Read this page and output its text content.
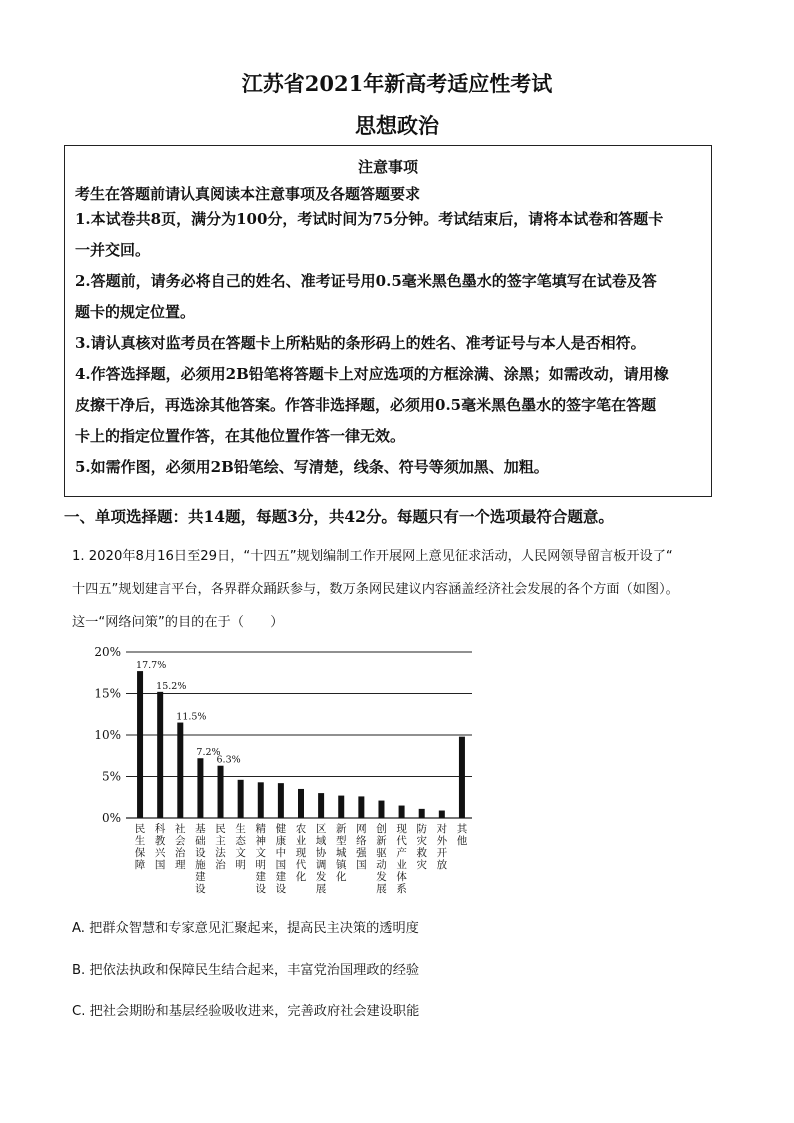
江苏省2021年新高考适应性考试
思想政治
注意事项
考生在答题前请认真阅读本注意事项及各题答题要求
1.本试卷共8页，满分为100分，考试时间为75分钟。考试结束后，请将本试卷和答题卡
一并交回。
2.答题前，请务必将自己的姓名、准考证号用0.5毫米黑色墨水的签字笔填写在试卷及答
题卡的规定位置。
3.请认真核对监考员在答题卡上所粘贴的条形码上的姓名、准考证号与本人是否相符。
4.作答选择题，必须用2B铅笔将答题卡上对应选项的方框涂满、涂黑；如需改动，请用橡
皮擦干净后，再选涂其他答案。作答非选择题，必须用0.5毫米黑色墨水的签字笔在答题
卡上的指定位置作答，在其他位置作答一律无效。
5.如需作图，必须用2B铅笔绘、写清楚，线条、符号等须加黑、加粗。
一、单项选择题：共14题，每题3分，共42分。每题只有一个选项最符合题意。
1. 2020年8月16日至29日，“十四五”规划编制工作开展网上意见征求活动，人民网领导留言板开设了“
十四五”规划建言平台，各界群众踊跃参与，数万条网民建议内容涵盖经济社会发展的各个方面（如图）。
这一“网络问策”的目的在于（　　）
0%
5%
10%
15%
20%
17.7%
民生保障
15.2%
科教兴国
11.5%
社会治理
7.2%
基础设施建设
6.3%
民主法治
生态文明
精神文明建设
健康中国建设
农业现代化
区域协调发展
新型城镇化
网络强国
创新驱动发展
现代产业体系
防灾救灾
对外开放
其他
A. 把群众智慧和专家意见汇聚起来，提高民主决策的透明度
B. 把依法执政和保障民生结合起来，丰富党治国理政的经验
C. 把社会期盼和基层经验吸收进来，完善政府社会建设职能
